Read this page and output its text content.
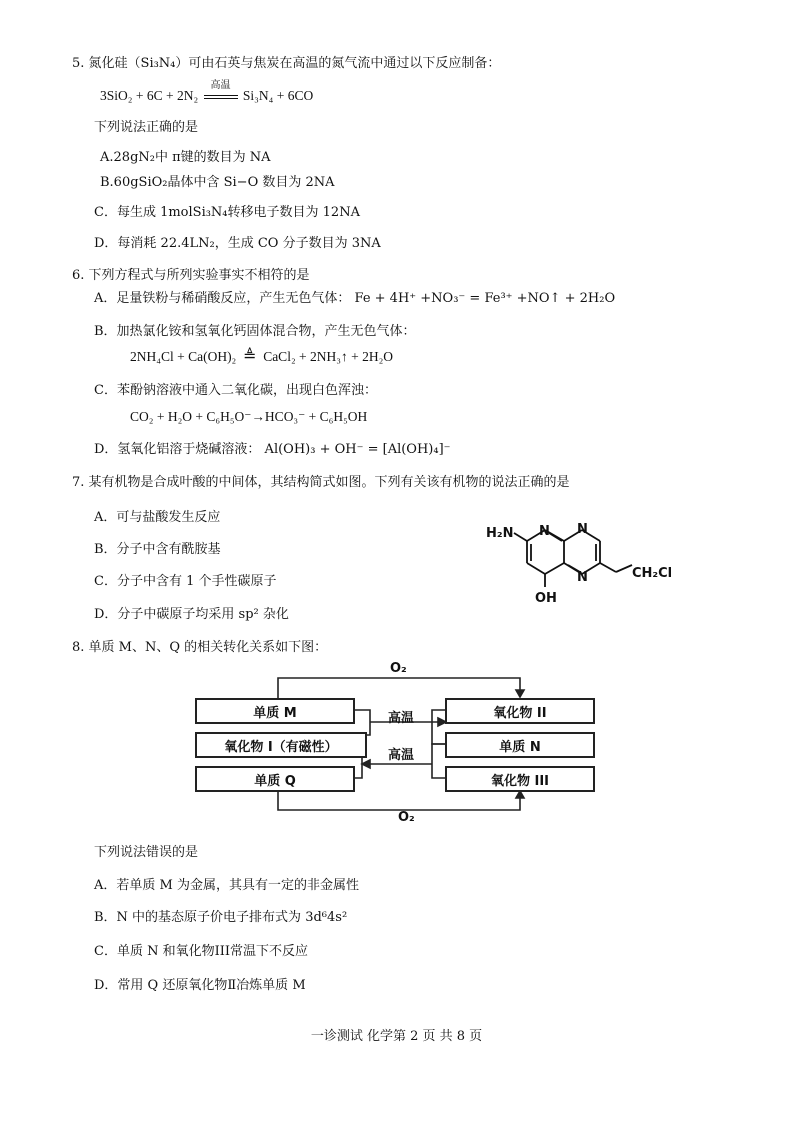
5. 氮化硅（Si₃N₄）可由石英与焦炭在高温的氮气流中通过以下反应制备：
3SiO₂ + 6C + 2N₂
高温
Si₃N₄ + 6CO
下列说法正确的是
A.28gN₂中 π键的数目为 NA
B.60gSiO₂晶体中含 Si−O 数目为 2NA
C．每生成 1molSi₃N₄转移电子数目为 12NA
D．每消耗 22.4LN₂，生成 CO 分子数目为 3NA
6. 下列方程式与所列实验事实不相符的是
A．足量铁粉与稀硝酸反应，产生无色气体： Fe + 4H⁺ +NO₃⁻ = Fe³⁺ +NO↑ + 2H₂O
B．加热氯化铵和氢氧化钙固体混合物，产生无色气体：
2NH₄Cl + Ca(OH)₂ ≜ CaCl₂ + 2NH₃↑ + 2H₂O
C．苯酚钠溶液中通入二氧化碳，出现白色浑浊：
CO₂ + H₂O + C₆H₅O⁻→HCO₃⁻ + C₆H₅OH
D．氢氧化铝溶于烧碱溶液： Al(OH)₃ + OH⁻ = [Al(OH)₄]⁻
7. 某有机物是合成叶酸的中间体，其结构简式如图。下列有关该有机物的说法正确的是
A．可与盐酸发生反应
B．分子中含有酰胺基
C．分子中含有 1 个手性碳原子
D．分子中碳原子均采用 sp² 杂化
H₂N N N
N	CH₂Cl
OH
8. 单质 M、N、Q 的相关转化关系如下图：
单质 M
氧化物 I（有磁性）
单质 Q
氧化物 II
单质 N
氧化物 III
O₂
高温
高温
O₂
下列说法错误的是
A．若单质 M 为金属，其具有一定的非金属性
B．N 中的基态原子价电子排布式为 3d⁶4s²
C．单质 N 和氧化物III常温下不反应
D．常用 Q 还原氧化物Ⅱ冶炼单质 M
一诊测试 化学第 2 页 共 8 页
